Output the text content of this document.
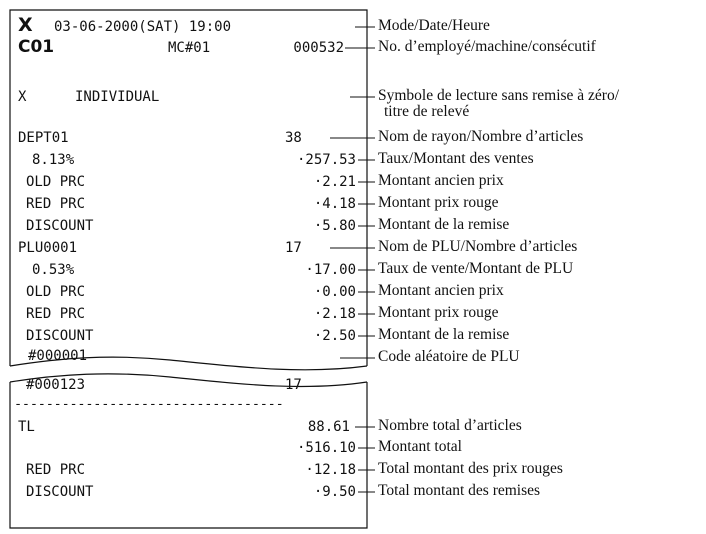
X 03-06-2000(SAT) 19:00
C01	MC#01	000532
X	INDIVIDUAL
DEPT01	38
8.13%	·257.53
OLD PRC	·2.21
RED PRC	·4.18
DISCOUNT	·5.80
PLU0001	17
0.53%	·17.00
OLD PRC	·0.00
RED PRC	·2.18
DISCOUNT	·2.50
#000001
#000123	17
----------------------------------
TL	88.61
·516.10
RED PRC	·12.18
DISCOUNT	·9.50
Mode/Date/Heure
No. d’employé/machine/consécutif
Symbole de lecture sans remise à zéro/
titre de relevé
Nom de rayon/Nombre d’articles
Taux/Montant des ventes
Montant ancien prix
Montant prix rouge
Montant de la remise
Nom de PLU/Nombre d’articles
Taux de vente/Montant de PLU
Montant ancien prix
Montant prix rouge
Montant de la remise
Code aléatoire de PLU
Nombre total d’articles
Montant total
Total montant des prix rouges
Total montant des remises
